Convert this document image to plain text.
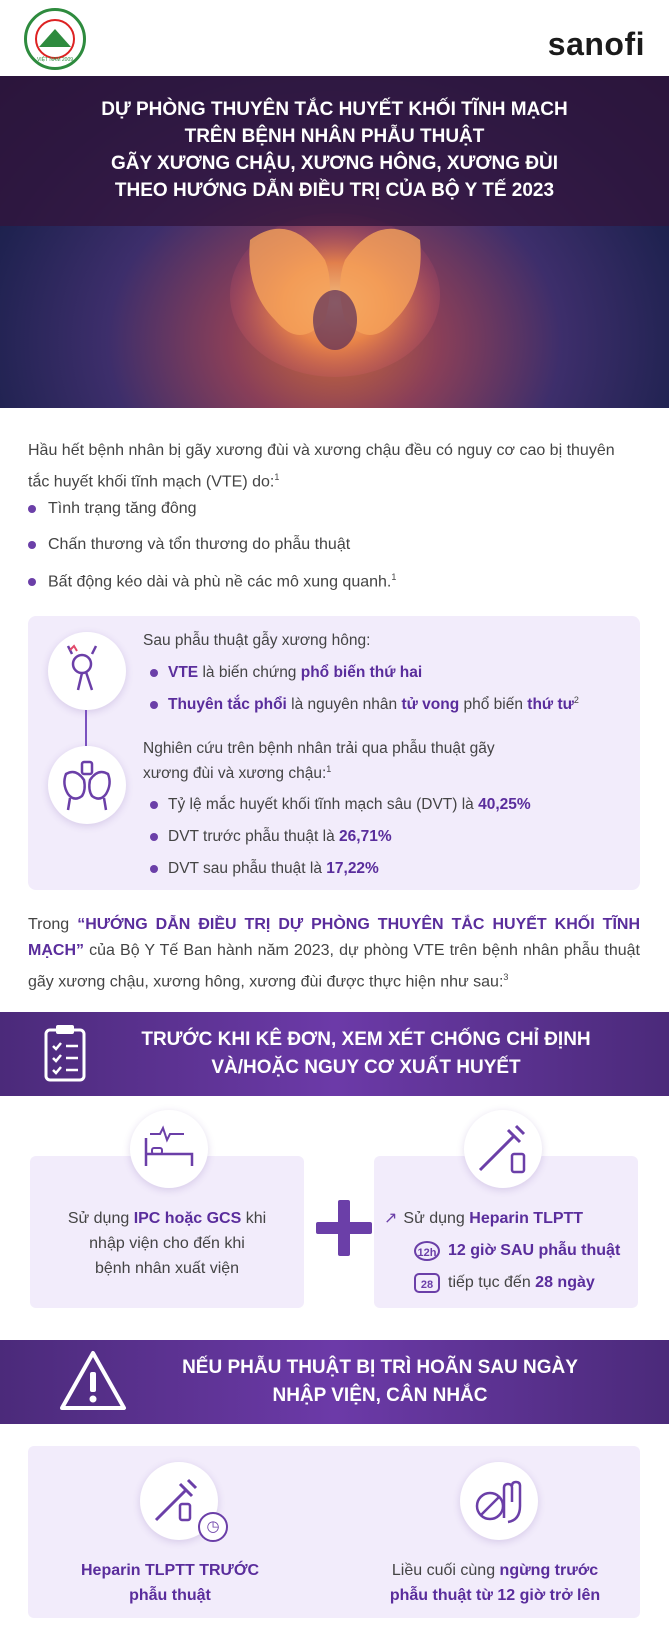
VIỆT NAM 2009	sanofi
DỰ PHÒNG THUYÊN TẮC HUYẾT KHỐI TĨNH MẠCH
TRÊN BỆNH NHÂN PHẪU THUẬT
GÃY XƯƠNG CHẬU, XƯƠNG HÔNG, XƯƠNG ĐÙI
THEO HƯỚNG DẪN ĐIỀU TRỊ CỦA BỘ Y TẾ 2023
Hầu hết bệnh nhân bị gãy xương đùi và xương chậu đều có nguy cơ cao bị thuyên tắc huyết khối tĩnh mạch (VTE) do:$^1$
Tình trạng tăng đông
Chấn thương và tổn thương do phẫu thuật
Bất động kéo dài và phù nề các mô xung quanh.$^1$
Sau phẫu thuật gẫy xương hông:
VTE là biến chứng phổ biến thứ hai
Thuyên tắc phổi là nguyên nhân tử vong phổ biến thứ $tư^2$
Nghiên cứu trên bệnh nhân trải qua phẫu thuật gãy
xương đùi và xương chậu:$^1$
Tỷ lệ mắc huyết khối tĩnh mạch sâu (DVT) là 40,25%
DVT trước phẫu thuật là 26,71%
DVT sau phẫu thuật là 17,22%
Trong “HƯỚNG DẪN ĐIỀU TRỊ DỰ PHÒNG THUYÊN TẮC HUYẾT KHỐI TĨNH MẠCH” của Bộ Y Tế Ban hành năm 2023, dự phòng VTE trên bệnh nhân phẫu thuật gãy xương chậu, xương hông, xương đùi được thực hiện như sau:$^3$
TRƯỚC KHI KÊ ĐƠN, XEM XÉT CHỐNG CHỈ ĐỊNH
VÀ/HOẶC NGUY CƠ XUẤT HUYẾT
Sử dụng IPC hoặc GCS khi
nhập viện cho đến khi
bệnh nhân xuất viện
↗ Sử dụng Heparin TLPTT
12h 12 giờ SAU phẫu thuật
28 tiếp tục đến 28 ngày
NẾU PHẪU THUẬT BỊ TRÌ HOÃN SAU NGÀY
NHẬP VIỆN, CÂN NHẮC
◷
Heparin TLPTT TRƯỚC
phẫu thuật
Liều cuối cùng ngừng trước
phẫu thuật từ 12 giờ trở lên
